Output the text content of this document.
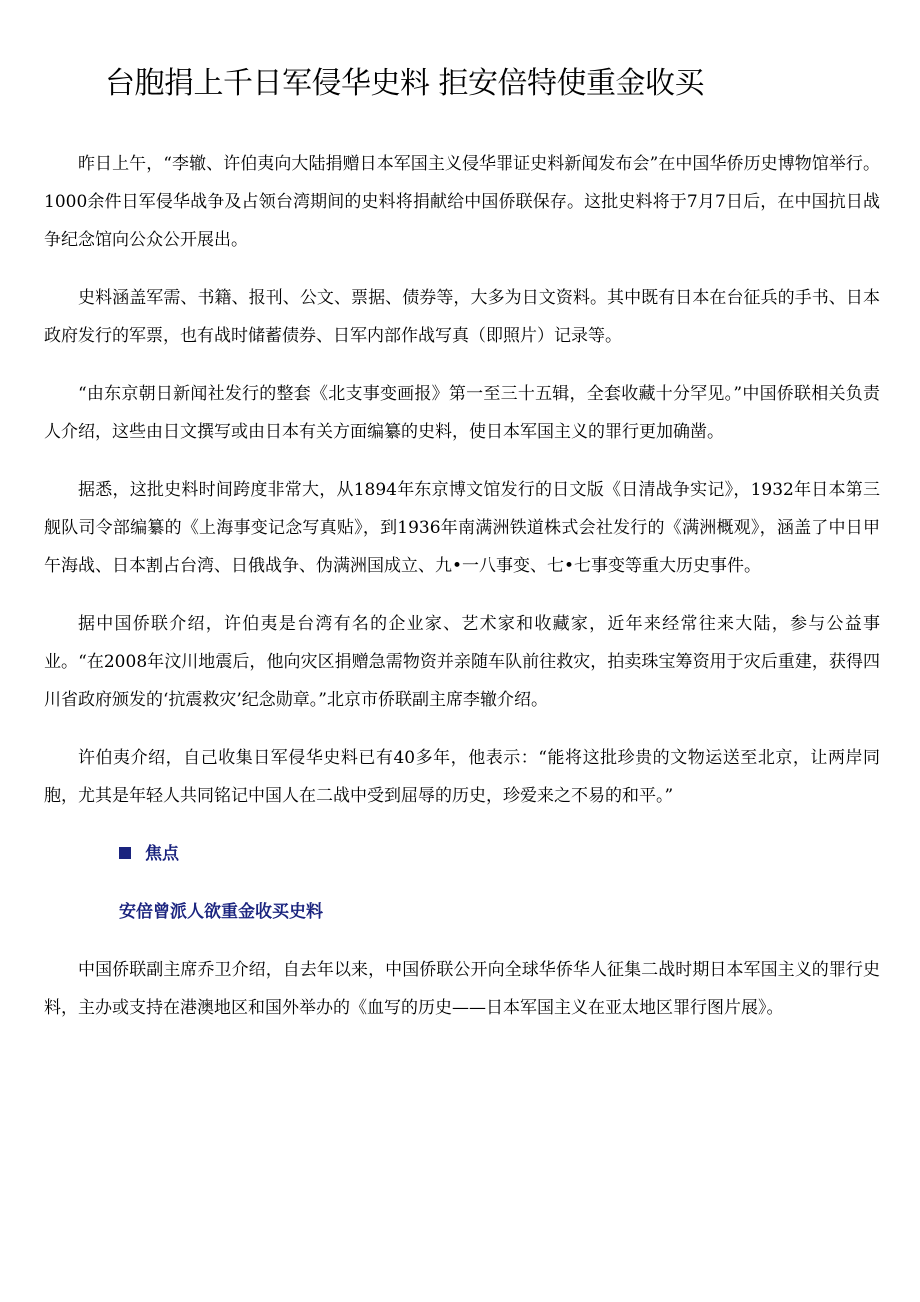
台胞捐上千日军侵华史料 拒安倍特使重金收买

昨日上午，“李辙、许伯夷向大陆捐赠日本军国主义侵华罪证史料新闻发布会”在中国华侨历史博物馆举行。1000余件日军侵华战争及占领台湾期间的史料将捐献给中国侨联保存。这批史料将于7月7日后，在中国抗日战争纪念馆向公众公开展出。

史料涵盖军需、书籍、报刊、公文、票据、债券等，大多为日文资料。其中既有日本在台征兵的手书、日本政府发行的军票，也有战时储蓄债券、日军内部作战写真（即照片）记录等。

“由东京朝日新闻社发行的整套《北支事变画报》第一至三十五辑，全套收藏十分罕见。”中国侨联相关负责人介绍，这些由日文撰写或由日本有关方面编纂的史料，使日本军国主义的罪行更加确凿。

据悉，这批史料时间跨度非常大，从1894年东京博文馆发行的日文版《日清战争实记》，1932年日本第三舰队司令部编纂的《上海事变记念写真贴》，到1936年南满洲铁道株式会社发行的《满洲概观》，涵盖了中日甲午海战、日本割占台湾、日俄战争、伪满洲国成立、九•一八事变、七•七事变等重大历史事件。

据中国侨联介绍，许伯夷是台湾有名的企业家、艺术家和收藏家，近年来经常往来大陆，参与公益事业。“在2008年汶川地震后，他向灾区捐赠急需物资并亲随车队前往救灾，拍卖珠宝筹资用于灾后重建，获得四川省政府颁发的‘抗震救灾’纪念勋章。”北京市侨联副主席李辙介绍。

许伯夷介绍，自己收集日军侵华史料已有40多年，他表示：“能将这批珍贵的文物运送至北京，让两岸同胞，尤其是年轻人共同铭记中国人在二战中受到屈辱的历史，珍爱来之不易的和平。”

焦点
安倍曾派人欲重金收买史料

中国侨联副主席乔卫介绍，自去年以来，中国侨联公开向全球华侨华人征集二战时期日本军国主义的罪行史料，主办或支持在港澳地区和国外举办的《血写的历史——日本军国主义在亚太地区罪行图片展》。
